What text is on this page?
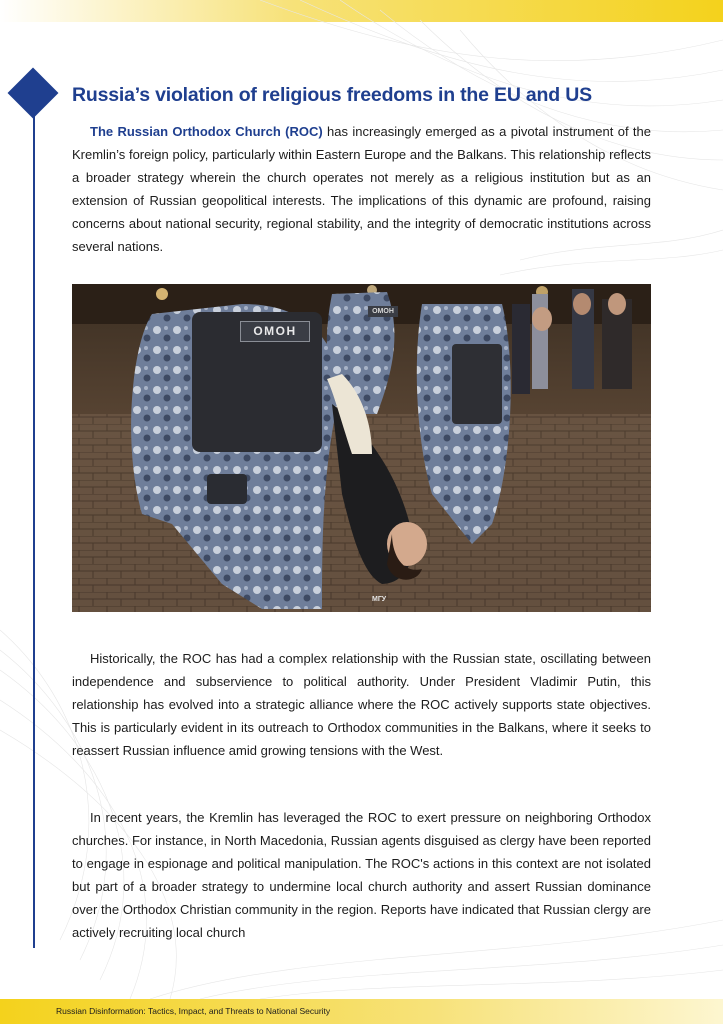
Russia’s violation of religious freedoms in the EU and US
The Russian Orthodox Church (ROC) has increasingly emerged as a pivotal instrument of the Kremlin’s foreign policy, particularly within Eastern Europe and the Balkans. This relationship reflects a broader strategy wherein the church operates not merely as a religious institution but as an extension of Russian geopolitical interests. The implications of this dynamic are profound, raising concerns about national security, regional stability, and the integrity of democratic institutions across several nations.
ОМОН
ОМОН
МГУ
Historically, the ROC has had a complex relationship with the Russian state, oscillating between independence and subservience to political authority. Under President Vladimir Putin, this relationship has evolved into a strategic alliance where the ROC actively supports state objectives. This is particularly evident in its outreach to Orthodox communities in the Balkans, where it seeks to reassert Russian influence amid growing tensions with the West.
In recent years, the Kremlin has leveraged the ROC to exert pressure on neighboring Orthodox churches. For instance, in North Macedonia, Russian agents disguised as clergy have been reported to engage in espionage and political manipulation. The ROC's actions in this context are not isolated but part of a broader strategy to undermine local church authority and assert Russian dominance over the Orthodox Christian community in the region. Reports have indicated that Russian clergy are actively recruiting local church
Russian Disinformation: Tactics, Impact, and Threats to National Security
